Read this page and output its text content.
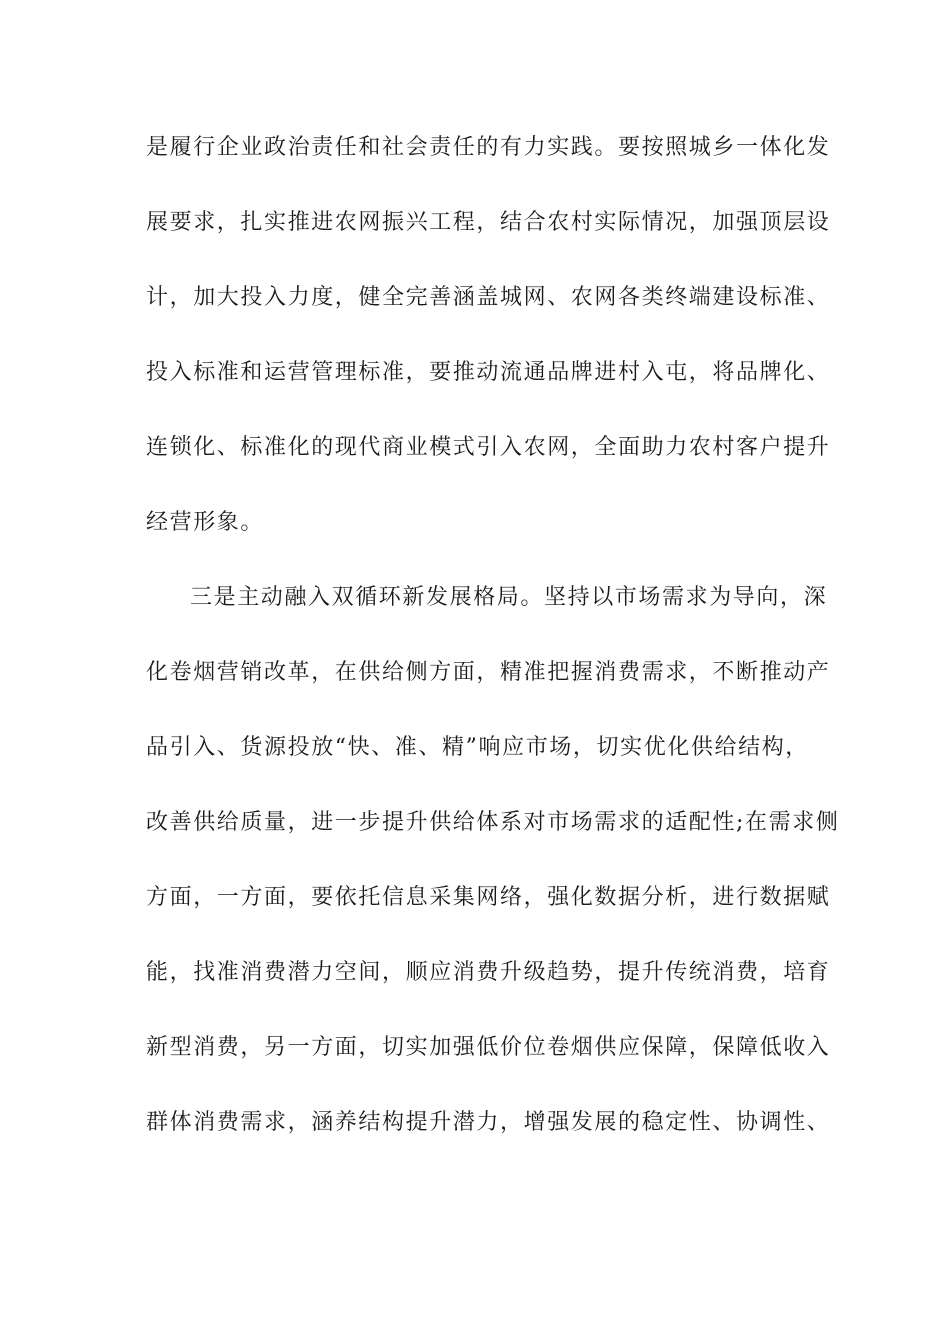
是履行企业政治责任和社会责任的有力实践。要按照城乡一体化发
展要求，扎实推进农网振兴工程，结合农村实际情况，加强顶层设
计，加大投入力度，健全完善涵盖城网、农网各类终端建设标准、
投入标准和运营管理标准，要推动流通品牌进村入屯，将品牌化、
连锁化、标准化的现代商业模式引入农网，全面助力农村客户提升
经营形象。
三是主动融入双循环新发展格局。坚持以市场需求为导向，深
化卷烟营销改革，在供给侧方面，精准把握消费需求，不断推动产
品引入、货源投放“快、准、精”响应市场，切实优化供给结构，
改善供给质量，进一步提升供给体系对市场需求的适配性;在需求侧
方面，一方面，要依托信息采集网络，强化数据分析，进行数据赋
能，找准消费潜力空间，顺应消费升级趋势，提升传统消费，培育
新型消费，另一方面，切实加强低价位卷烟供应保障，保障低收入
群体消费需求，涵养结构提升潜力，增强发展的稳定性、协调性、
